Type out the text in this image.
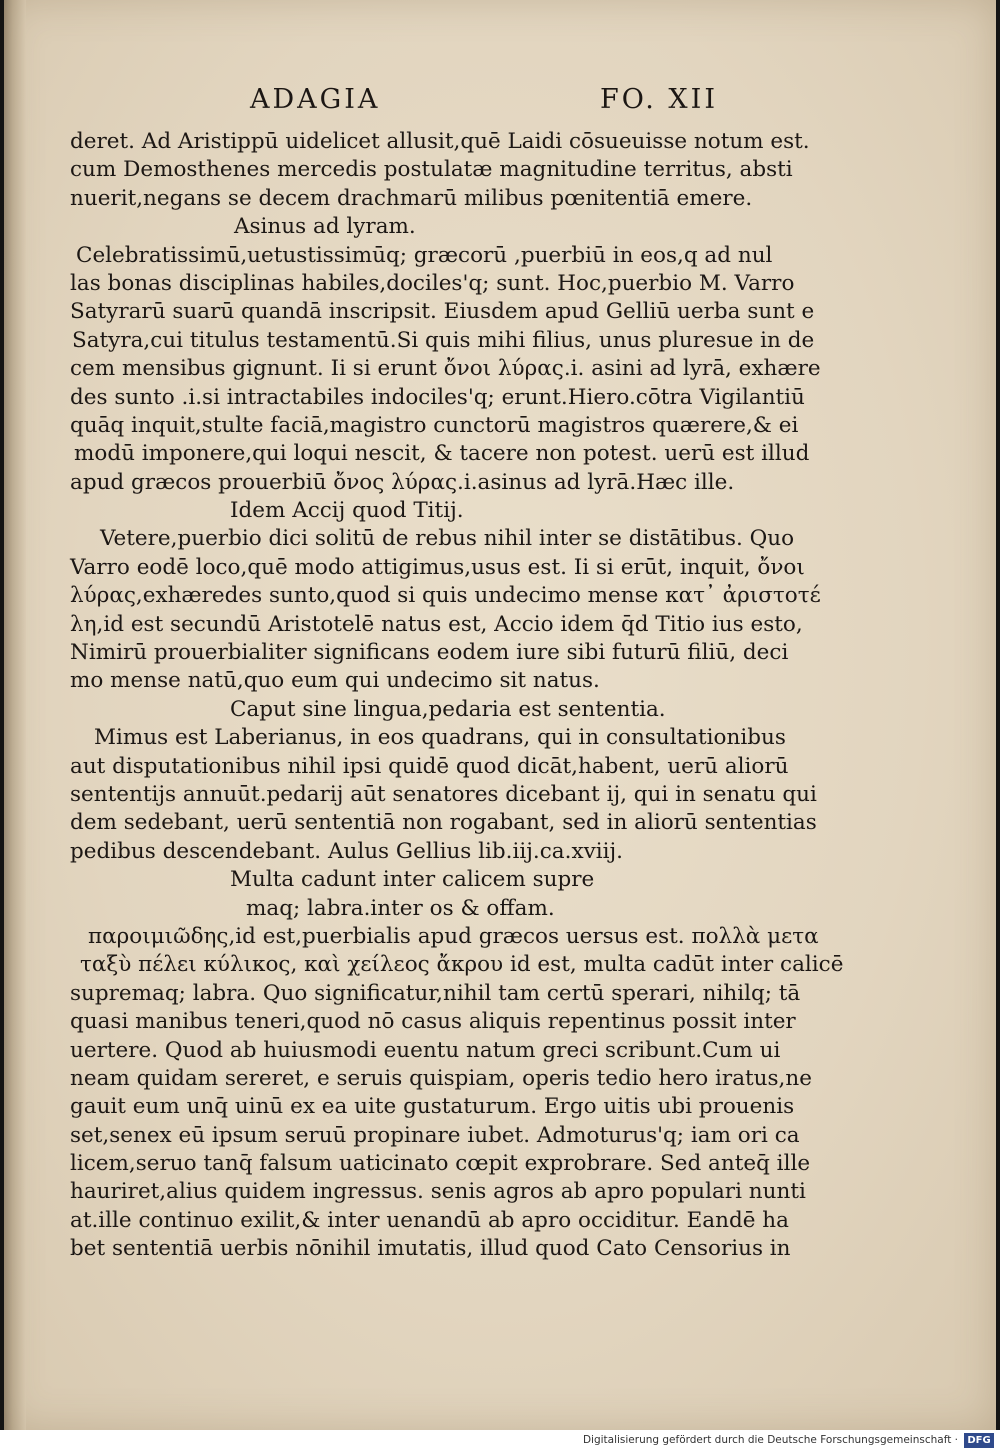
ADAGIA	FO. XII
deret. Ad Aristippū uidelicet allusit,quē Laidi cōsueuisse notum est.
cum Demosthenes mercedis postulatæ magnitudine territus, absti
nuerit,negans se decem drachmarū milibus pœnitentiā emere.
Asinus ad lyram.
Celebratissimū,uetustissimūq; græcorū ,puerbiū in eos,q ad nul
las bonas disciplinas habiles,dociles'q; sunt. Hoc,puerbio M. Varro
Satyrarū suarū quandā inscripsit. Eiusdem apud Gelliū uerba sunt e
Satyra,cui titulus testamentū.Si quis mihi filius, unus pluresue in de
cem mensibus gignunt. Ii si erunt ὄνοι λύρας.i. asini ad lyrā, exhære
des sunto .i.si intractabiles indociles'q; erunt.Hiero.cōtra Vigilantiū
quāq inquit,stulte faciā,magistro cunctorū magistros quærere,& ei
modū imponere,qui loqui nescit, & tacere non potest. uerū est illud
apud græcos prouerbiū ὄνος λύρας.i.asinus ad lyrā.Hæc ille.
Idem Accij quod Titij.
Vetere,puerbio dici solitū de rebus nihil inter se distātibus. Quo
Varro eodē loco,quē modo attigimus,usus est. Ii si erūt, inquit, ὄνοι
λύρας,exhæredes sunto,quod si quis undecimo mense κατ᾽ ἀριστοτέ
λη,id est secundū Aristotelē natus est, Accio idem q̄d Titio ius esto,
Nimirū prouerbialiter significans eodem iure sibi futurū filiū, deci
mo mense natū,quo eum qui undecimo sit natus.
Caput sine lingua,pedaria est sententia.
Mimus est Laberianus, in eos quadrans, qui in consultationibus
aut disputationibus nihil ipsi quidē quod dicāt,habent, uerū aliorū
sententijs annuūt.pedarij aūt senatores dicebant ij, qui in senatu qui
dem sedebant, uerū sententiā non rogabant, sed in aliorū sententias
pedibus descendebant. Aulus Gellius lib.iij.ca.xviij.
Multa cadunt inter calicem supre
maq; labra.inter os & offam.
παροιμιῶδης,id est,puerbialis apud græcos uersus est. πολλὰ μετα
ταξὺ πέλει κύλικος, καὶ χείλεος ἄκρου id est, multa cadūt inter calicē
supremaq; labra. Quo significatur,nihil tam certū sperari, nihilq; tā
quasi manibus teneri,quod nō casus aliquis repentinus possit inter
uertere. Quod ab huiusmodi euentu natum greci scribunt.Cum ui
neam quidam sereret, e seruis quispiam, operis tedio hero iratus,ne
gauit eum unq̄ uinū ex ea uite gustaturum. Ergo uitis ubi prouenis
set,senex eū ipsum seruū propinare iubet. Admoturus'q; iam ori ca
licem,seruo tanq̄ falsum uaticinato cœpit exprobrare. Sed anteq̄ ille
hauriret,alius quidem ingressus. senis agros ab apro populari nunti
at.ille continuo exilit,& inter uenandū ab apro occiditur. Eandē ha
bet sententiā uerbis nōnihil imutatis, illud quod Cato Censorius in
Digitalisierung gefördert durch die Deutsche Forschungsgemeinschaft · DFG
